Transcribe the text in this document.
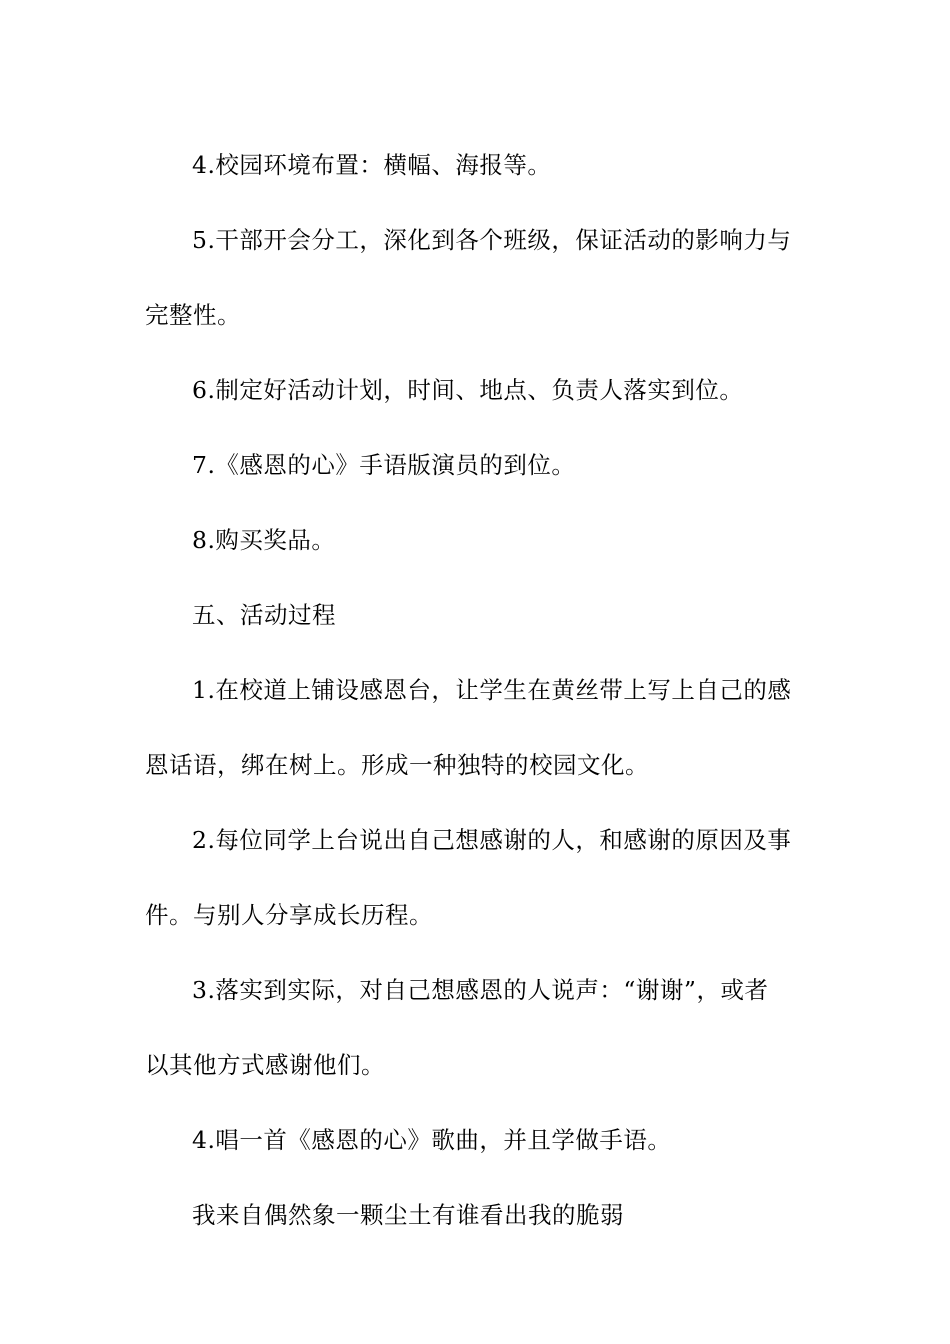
4.校园环境布置：横幅、海报等。
5.干部开会分工，深化到各个班级，保证活动的影响力与
完整性。
6.制定好活动计划，时间、地点、负责人落实到位。
7.《感恩的心》手语版演员的到位。
8.购买奖品。
五、活动过程
1.在校道上铺设感恩台，让学生在黄丝带上写上自己的感
恩话语，绑在树上。形成一种独特的校园文化。
2.每位同学上台说出自己想感谢的人，和感谢的原因及事
件。与别人分享成长历程。
3.落实到实际，对自己想感恩的人说声：“谢谢”，或者
以其他方式感谢他们。
4.唱一首《感恩的心》歌曲，并且学做手语。
我来自偶然象一颗尘土有谁看出我的脆弱
